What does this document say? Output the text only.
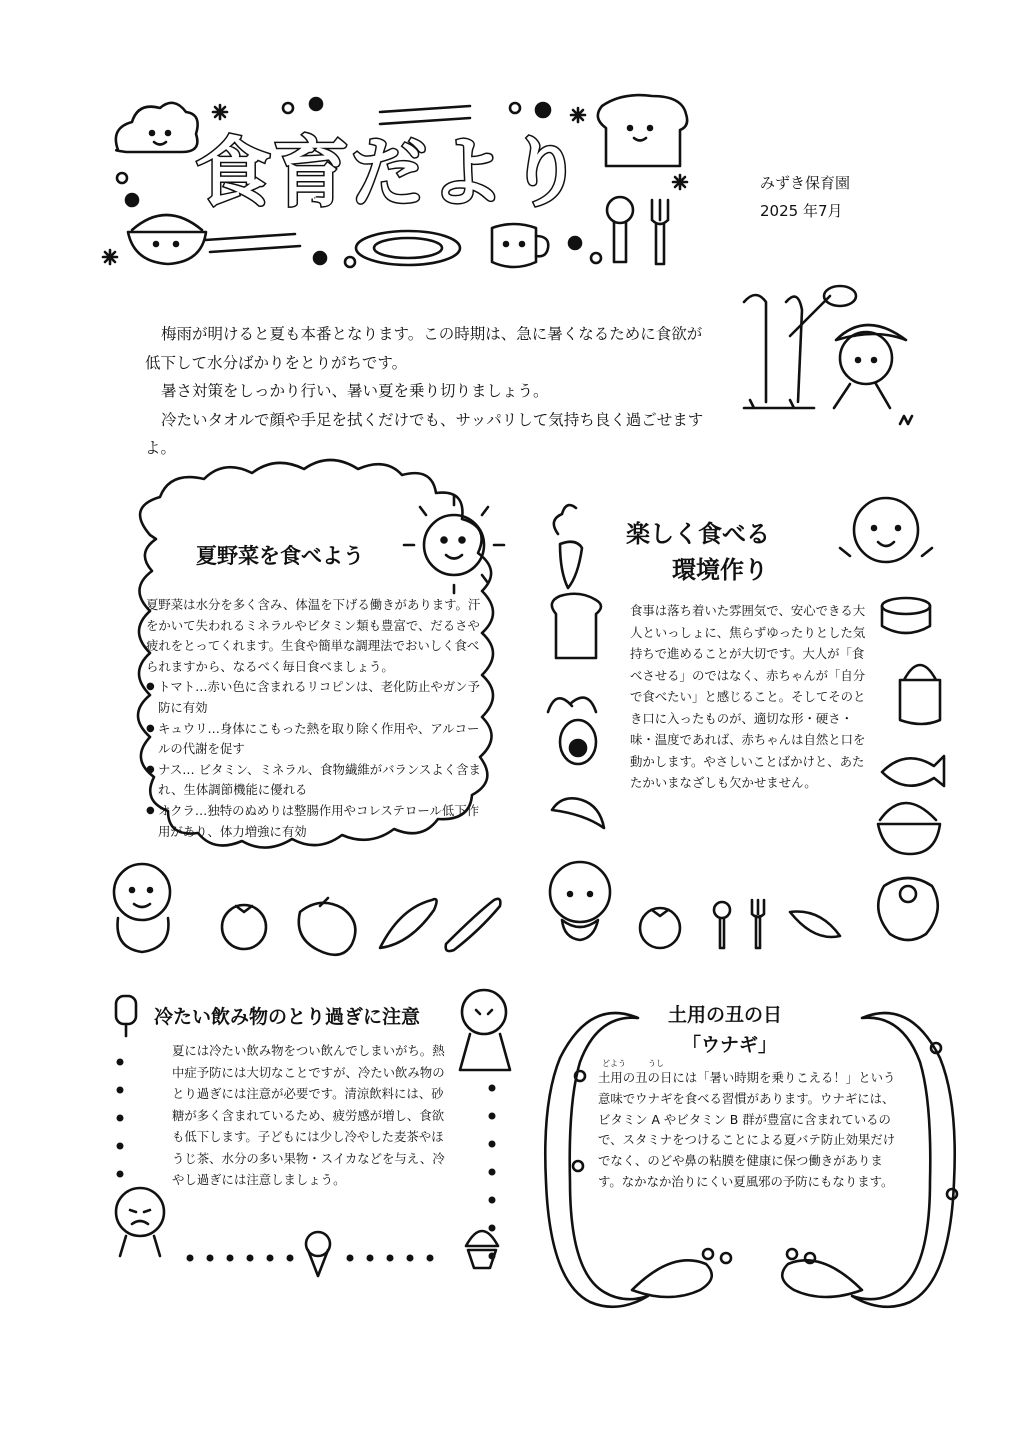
食育だより	みずき保育園
2025 年7月

梅雨が明けると夏も本番となります。この時期は、急に暑くなるために食欲が低下して水分ばかりをとりがちです。

暑さ対策をしっかり行い、暑い夏を乗り切りましょう。

冷たいタオルで顔や手足を拭くだけでも、サッパリして気持ち良く過ごせますよ。

夏野菜を食べよう

夏野菜は水分を多く含み、体温を下げる働きがあります。汗をかいて失われるミネラルやビタミン類も豊富で、だるさや疲れをとってくれます。生食や簡単な調理法でおいしく食べられますから、なるべく毎日食べましょう。

● トマト…赤い色に含まれるリコピンは、老化防止やガン予防に有効
● キュウリ…身体にこもった熱を取り除く作用や、アルコールの代謝を促す
● ナス… ビタミン、ミネラル、食物繊維がバランスよく含まれ、生体調節機能に優れる
● オクラ…独特のぬめりは整腸作用やコレステロール低下作用があり、体力増強に有効
楽しく食べる
環境作り

食事は落ち着いた雰囲気で、安心できる大人といっしょに、焦らずゆったりとした気持ちで進めることが大切です。大人が「食べさせる」のではなく、赤ちゃんが「自分で食べたい」と感じること。そしてそのとき口に入ったものが、適切な形・硬さ・味・温度であれば、赤ちゃんは自然と口を動かします。やさしいことばかけと、あたたかいまなざしも欠かせません。

冷たい飲み物のとり過ぎに注意

夏には冷たい飲み物をつい飲んでしまいがち。熱中症予防には大切なことですが、冷たい飲み物のとり過ぎには注意が必要です。清涼飲料には、砂糖が多く含まれているため、疲労感が増し、食欲も低下します。子どもには少し冷やした麦茶やほうじ茶、水分の多い果物・スイカなどを与え、冷やし過ぎには注意しましょう。

土用の丑の日
「ウナギ」
どよう	うし

土用の丑の日には「暑い時期を乗りこえる！」という意味でウナギを食べる習慣があります。ウナギには、ビタミン A やビタミン B 群が豊富に含まれているので、スタミナをつけることによる夏バテ防止効果だけでなく、のどや鼻の粘膜を健康に保つ働きがあります。なかなか治りにくい夏風邪の予防にもなります。
